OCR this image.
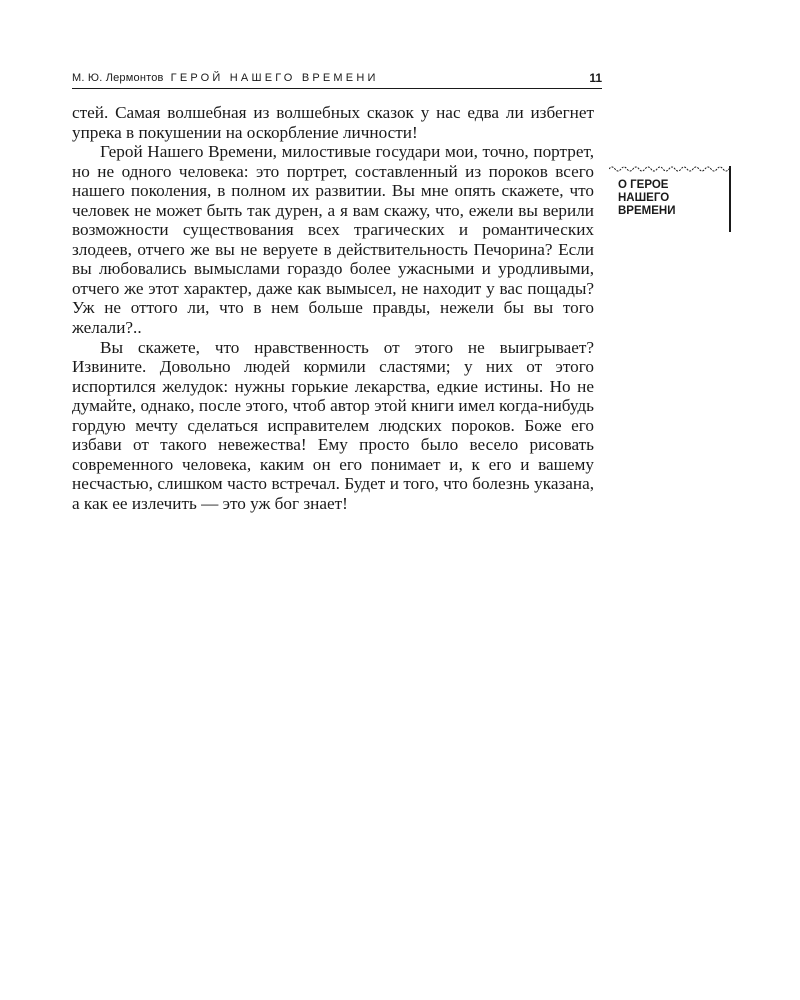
М. Ю. Лермонтов ГЕРОЙ НАШЕГО ВРЕМЕНИ	11

стей. Самая волшебная из волшебных сказок у нас едва ли избегнет упрека в покушении на оскорбление личности!

Герой Нашего Времени, милостивые государи мои, точно, портрет, но не одного человека: это портрет, составленный из пороков всего нашего поколения, в полном их развитии. Вы мне опять скажете, что человек не может быть так дурен, а я вам скажу, что, ежели вы верили возможности существования всех трагических и романтических злодеев, отчего же вы не веруете в действительность Печорина? Если вы любовались вымыслами гораздо более ужасными и уродливыми, отчего же этот характер, даже как вымысел, не находит у вас пощады? Уж не оттого ли, что в нем больше правды, нежели бы вы того желали?..

Вы скажете, что нравственность от этого не выигрывает? Извините. Довольно людей кормили сластями; у них от этого испортился желудок: нужны горькие лекарства, едкие истины. Но не думайте, однако, после этого, чтоб автор этой книги имел когда-нибудь гордую мечту сделаться исправителем людских пороков. Боже его избави от такого невежества! Ему просто было весело рисовать современного человека, каким он его понимает и, к его и вашему несчастью, слишком часто встречал. Будет и того, что болезнь указана, а как ее излечить — это уж бог знает!

О ГЕРОЕ
НАШЕГО
ВРЕМЕНИ
